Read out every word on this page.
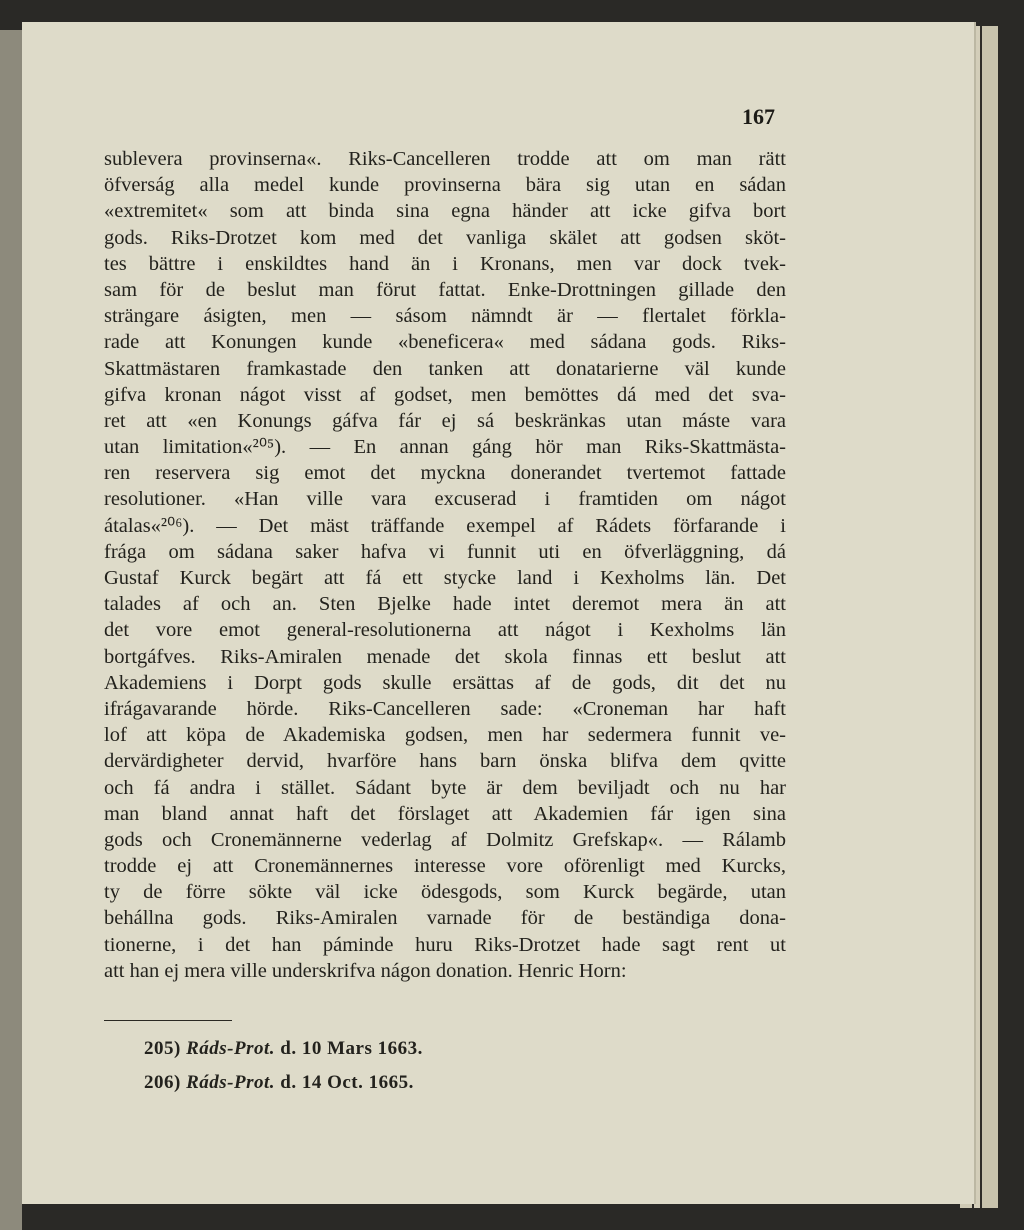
167
sublevera provinserna«. Riks-Cancelleren trodde att om man rätt
öfverság alla medel kunde provinserna bära sig utan en sádan
«extremitet« som att binda sina egna händer att icke gifva bort
gods. Riks-Drotzet kom med det vanliga skälet att godsen sköt-
tes bättre i enskildtes hand än i Kronans, men var dock tvek-
sam för de beslut man förut fattat. Enke-Drottningen gillade den
strängare ásigten, men — sásom nämndt är — flertalet förkla-
rade att Konungen kunde «beneficera« med sádana gods. Riks-
Skattmästaren framkastade den tanken att donatarierne väl kunde
gifva kronan nágot visst af godset, men bemöttes dá med det sva-
ret att «en Konungs gáfva fár ej sá beskränkas utan máste vara
utan limitation«²⁰⁵). — En annan gáng hör man Riks-Skattmästa-
ren reservera sig emot det myckna donerandet tvertemot fattade
resolutioner. «Han ville vara excuserad i framtiden om nágot
átalas«²⁰⁶). — Det mäst träffande exempel af Rádets förfarande i
frága om sádana saker hafva vi funnit uti en öfverläggning, dá
Gustaf Kurck begärt att fá ett stycke land i Kexholms län. Det
talades af och an. Sten Bjelke hade intet deremot mera än att
det vore emot general-resolutionerna att nágot i Kexholms län
bortgáfves. Riks-Amiralen menade det skola finnas ett beslut att
Akademiens i Dorpt gods skulle ersättas af de gods, dit det nu
ifrágavarande hörde. Riks-Cancelleren sade: «Croneman har haft
lof att köpa de Akademiska godsen, men har sedermera funnit ve-
dervärdigheter dervid, hvarföre hans barn önska blifva dem qvitte
och fá andra i stället. Sádant byte är dem beviljadt och nu har
man bland annat haft det förslaget att Akademien fár igen sina
gods och Cronemännerne vederlag af Dolmitz Grefskap«. — Rálamb
trodde ej att Cronemännernes interesse vore oförenligt med Kurcks,
ty de förre sökte väl icke ödesgods, som Kurck begärde, utan
behállna gods. Riks-Amiralen varnade för de beständiga dona-
tionerne, i det han páminde huru Riks-Drotzet hade sagt rent ut
att han ej mera ville underskrifva nágon donation. Henric Horn:
205) Ráds-Prot. d. 10 Mars 1663.
206) Ráds-Prot. d. 14 Oct. 1665.
